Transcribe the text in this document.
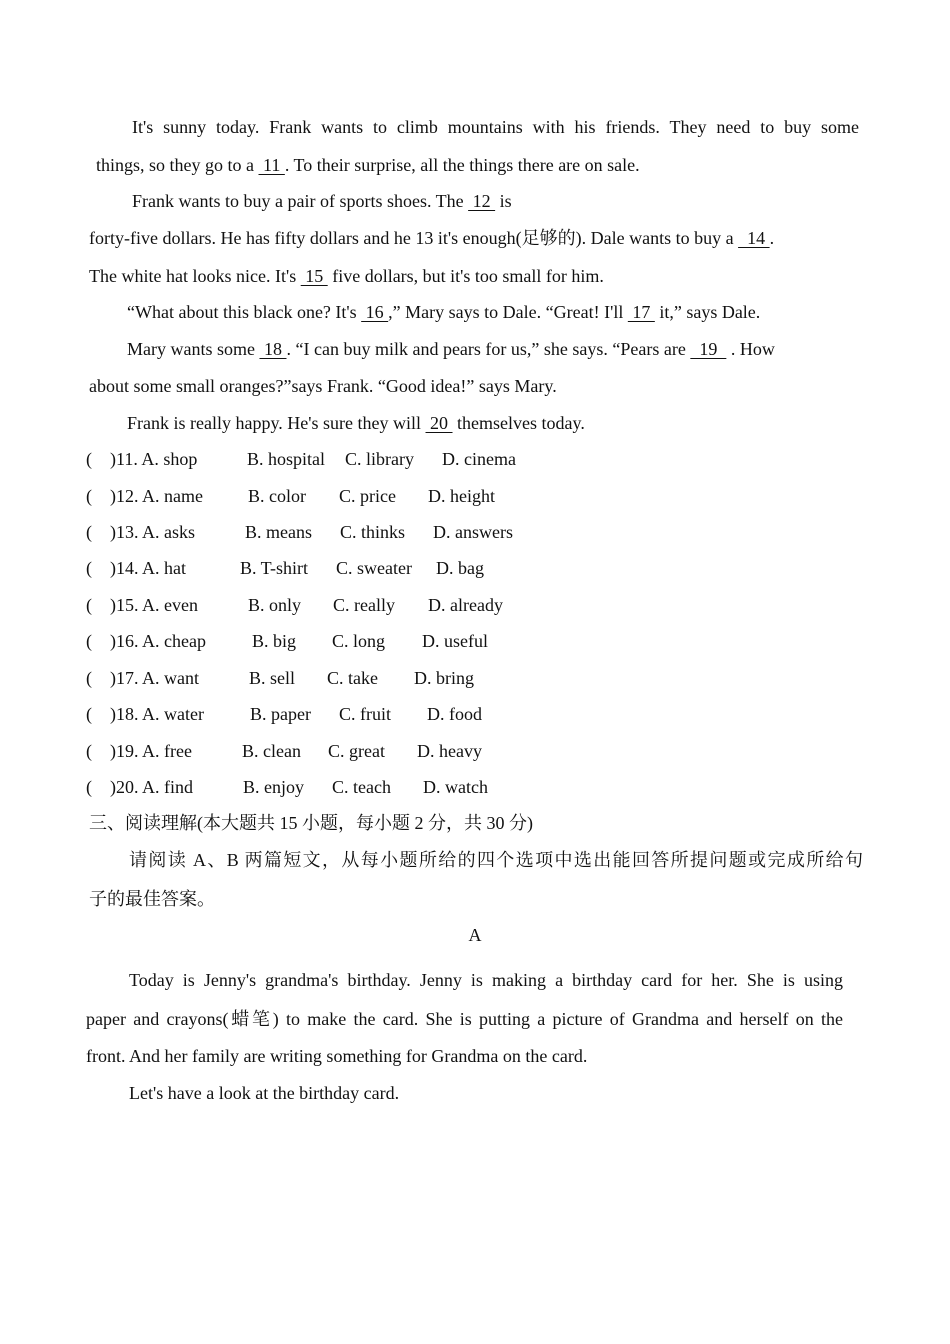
It's sunny today. Frank wants to climb mountains with his friends. They need to buy some
things, so they go to a  11 . To their surprise, all the things there are on sale.
Frank wants to buy a pair of sports shoes. The  12  is
forty-five dollars. He has fifty dollars and he 13 it's enough(足够的). Dale wants to buy a   14 .
The white hat looks nice. It's  15  five dollars, but it's too small for him.
“What about this black one? It's  16 ,” Mary says to Dale. “Great! I'll  17  it,” says Dale.
Mary wants some  18 . “I can buy milk and pears for us,” she says. “Pears are   19   . How
about some small oranges?”says Frank. “Good idea!” says Mary.
Frank is really happy. He's sure they will  20  themselves today.
(    )11. A. shop	B. hospital C. library D. cinema
(    )12. A. name	B. color C. price D. height
(    )13. A. asks	B. means C. thinks D. answers
(    )14. A. hat	B. T-shirt C. sweater D. bag
(    )15. A. even	B. only C. really D. already
(    )16. A. cheap	B. big C. long D. useful
(    )17. A. want	B. sell C. take D. bring
(    )18. A. water	B. paper C. fruit D. food
(    )19. A. free	B. clean C. great D. heavy
(    )20. A. find	B. enjoy C. teach D. watch
三、阅读理解(本大题共 15 小题，每小题 2 分，共 30 分)
请阅读 A、B 两篇短文，从每小题所给的四个选项中选出能回答所提问题或完成所给句
子的最佳答案。
A
Today is Jenny's grandma's birthday. Jenny is making a birthday card for her. She is using
paper and crayons(蜡笔) to make the card. She is putting a picture of Grandma and herself on the
front. And her family are writing something for Grandma on the card.
Let's have a look at the birthday card.
